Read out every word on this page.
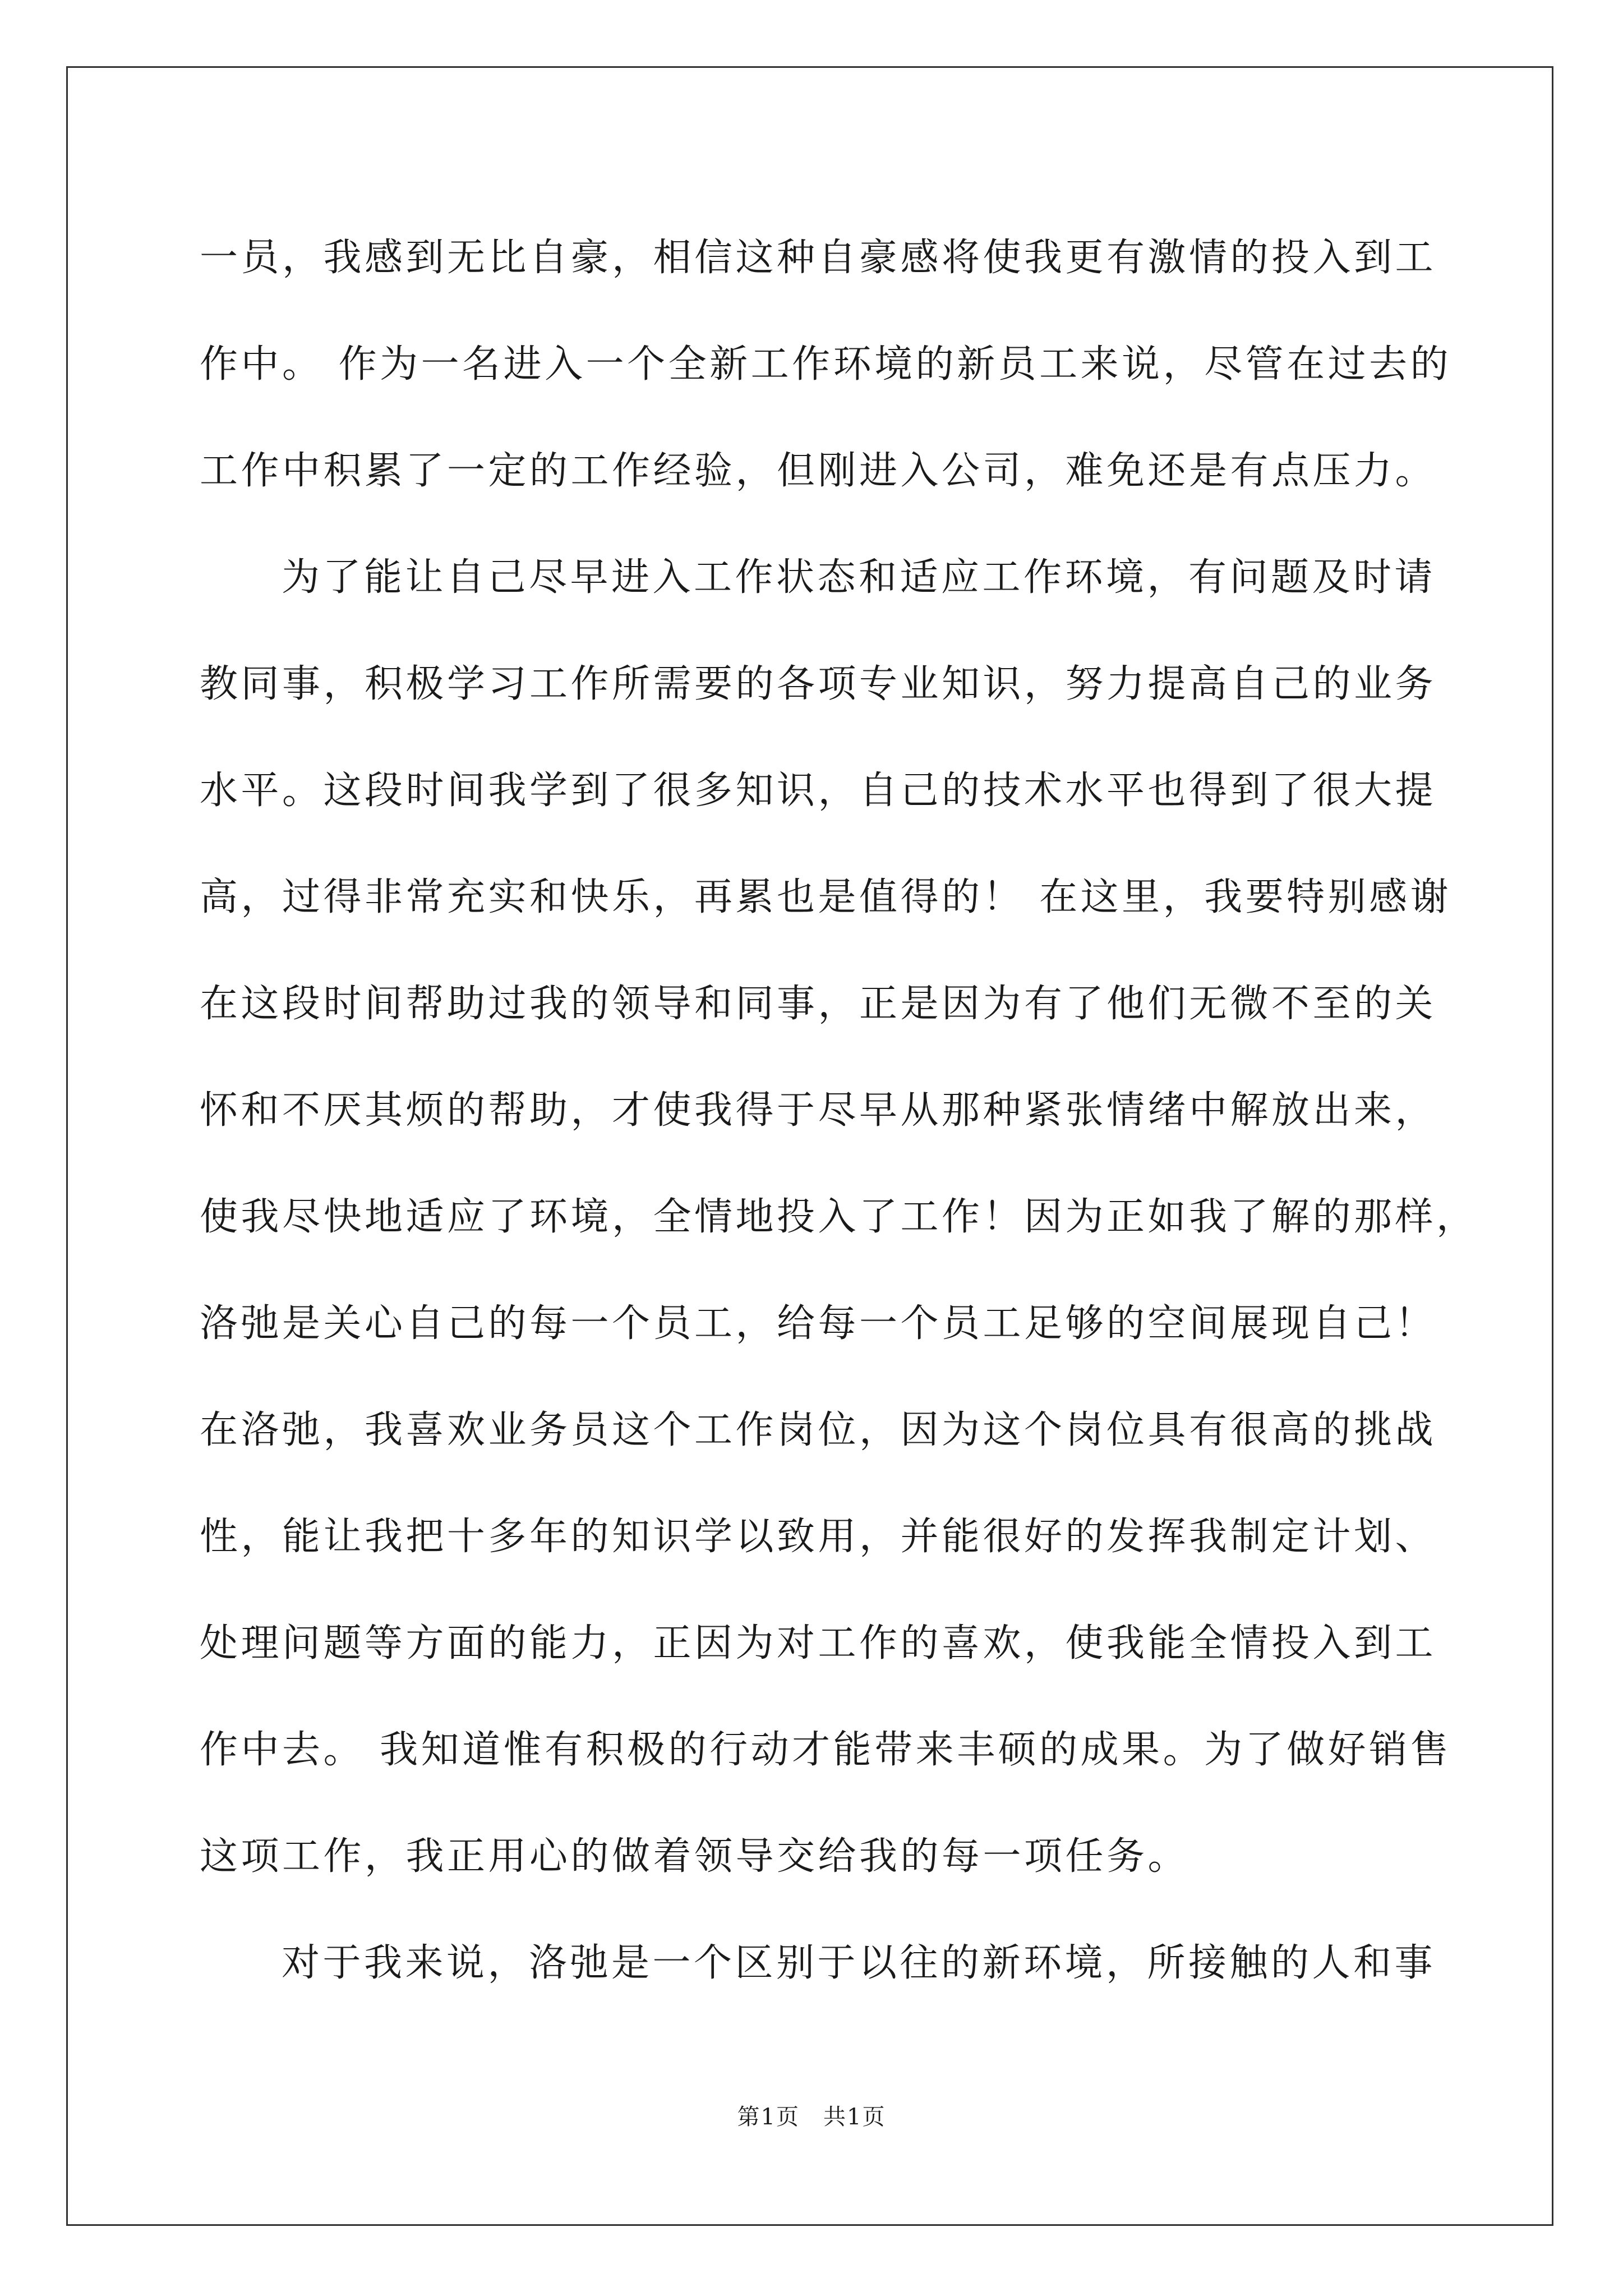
一员，我感到无比自豪，相信这种自豪感将使我更有激情的投入到工
作中。 作为一名进入一个全新工作环境的新员工来说，尽管在过去的
工作中积累了一定的工作经验，但刚进入公司，难免还是有点压力。
为了能让自己尽早进入工作状态和适应工作环境，有问题及时请
教同事，积极学习工作所需要的各项专业知识，努力提高自己的业务
水平。这段时间我学到了很多知识，自己的技术水平也得到了很大提
高，过得非常充实和快乐，再累也是值得的！ 在这里，我要特别感谢
在这段时间帮助过我的领导和同事，正是因为有了他们无微不至的关
怀和不厌其烦的帮助，才使我得于尽早从那种紧张情绪中解放出来，
使我尽快地适应了环境，全情地投入了工作！因为正如我了解的那样，
洛弛是关心自己的每一个员工，给每一个员工足够的空间展现自己！
在洛弛，我喜欢业务员这个工作岗位，因为这个岗位具有很高的挑战
性，能让我把十多年的知识学以致用，并能很好的发挥我制定计划、
处理问题等方面的能力，正因为对工作的喜欢，使我能全情投入到工
作中去。 我知道惟有积极的行动才能带来丰硕的成果。为了做好销售
这项工作，我正用心的做着领导交给我的每一项任务。
对于我来说，洛弛是一个区别于以往的新环境，所接触的人和事
第1页　共1页
